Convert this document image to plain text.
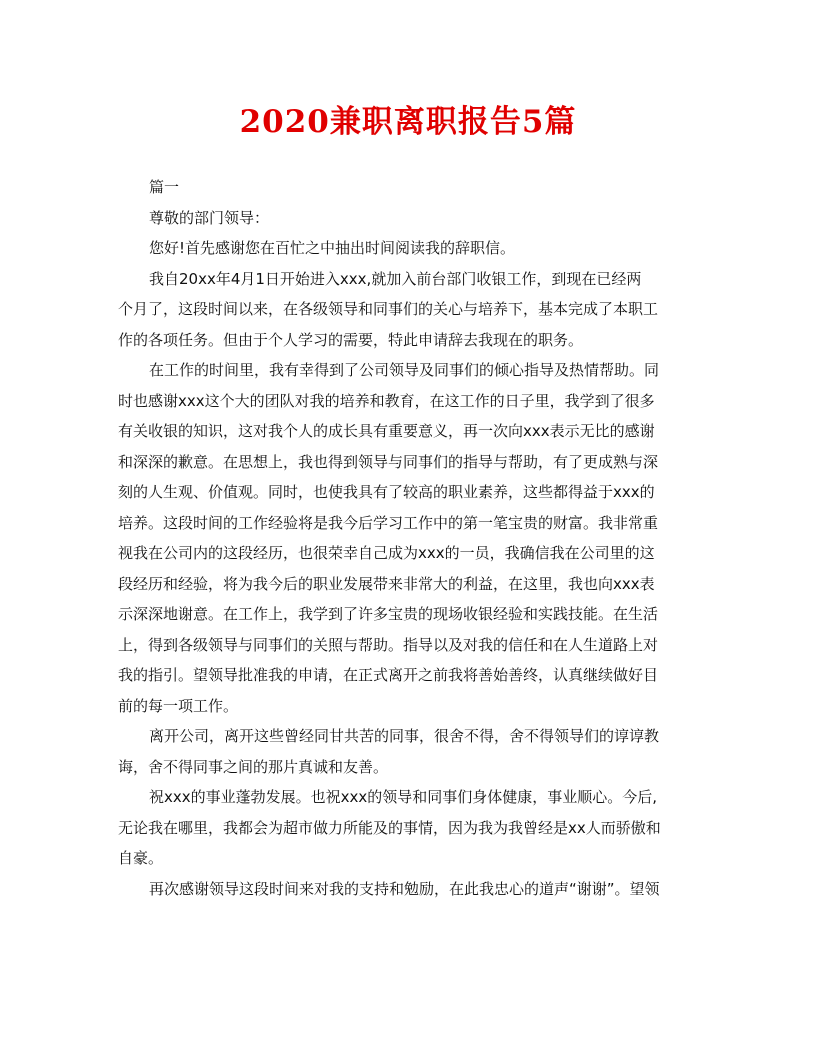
2020兼职离职报告5篇
篇一
尊敬的部门领导：
您好!首先感谢您在百忙之中抽出时间阅读我的辞职信。
我自20xx年4月1日开始进入xxx,就加入前台部门收银工作，到现在已经两
个月了，这段时间以来，在各级领导和同事们的关心与培养下，基本完成了本职工
作的各项任务。但由于个人学习的需要，特此申请辞去我现在的职务。
在工作的时间里，我有幸得到了公司领导及同事们的倾心指导及热情帮助。同
时也感谢xxx这个大的团队对我的培养和教育，在这工作的日子里，我学到了很多
有关收银的知识，这对我个人的成长具有重要意义，再一次向xxx表示无比的感谢
和深深的歉意。在思想上，我也得到领导与同事们的指导与帮助，有了更成熟与深
刻的人生观、价值观。同时，也使我具有了较高的职业素养，这些都得益于xxx的
培养。这段时间的工作经验将是我今后学习工作中的第一笔宝贵的财富。我非常重
视我在公司内的这段经历，也很荣幸自己成为xxx的一员，我确信我在公司里的这
段经历和经验，将为我今后的职业发展带来非常大的利益，在这里，我也向xxx表
示深深地谢意。在工作上，我学到了许多宝贵的现场收银经验和实践技能。在生活
上，得到各级领导与同事们的关照与帮助。指导以及对我的信任和在人生道路上对
我的指引。望领导批准我的申请，在正式离开之前我将善始善终，认真继续做好目
前的每一项工作。
离开公司，离开这些曾经同甘共苦的同事，很舍不得，舍不得领导们的谆谆教
诲，舍不得同事之间的那片真诚和友善。
祝xxx的事业蓬勃发展。也祝xxx的领导和同事们身体健康，事业顺心。今后,
无论我在哪里，我都会为超市做力所能及的事情，因为我为我曾经是xx人而骄傲和
自豪。
再次感谢领导这段时间来对我的支持和勉励，在此我忠心的道声“谢谢”。望领
